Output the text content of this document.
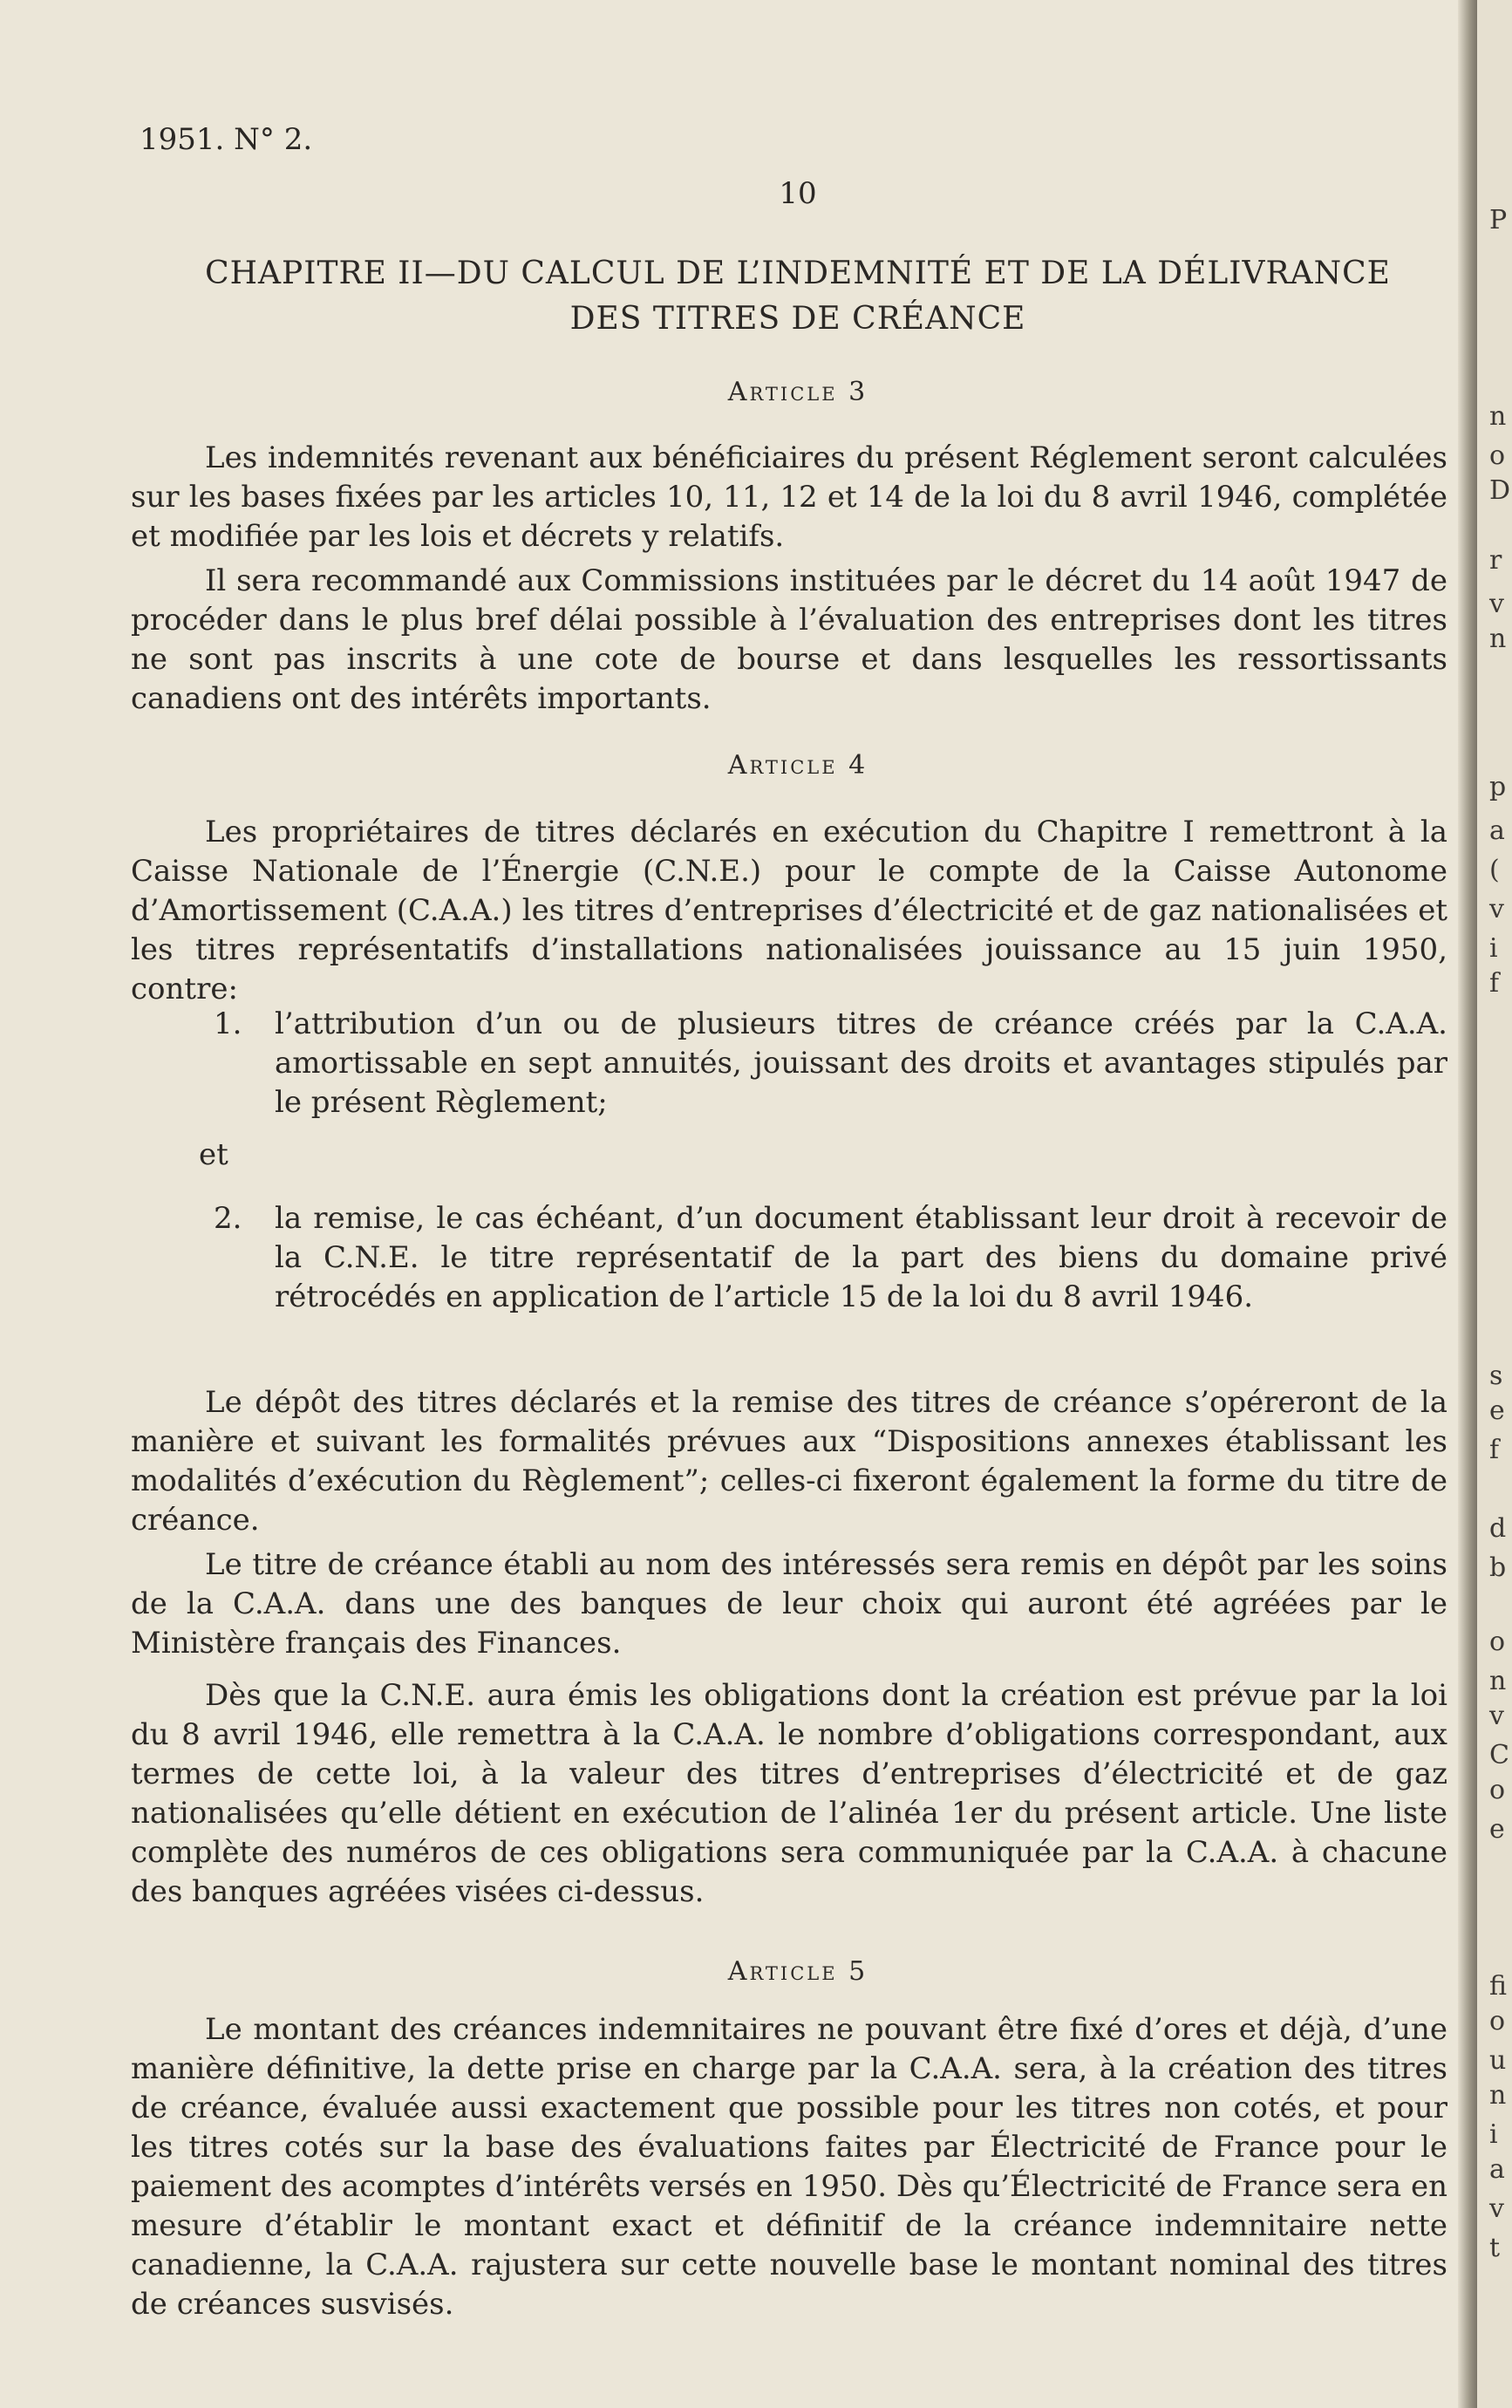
1951. N° 2.
10
CHAPITRE II—DU CALCUL DE L’INDEMNITÉ ET DE LA DÉLIVRANCE
DES TITRES DE CRÉANCE
Article 3
Les indemnités revenant aux bénéficiaires du présent Réglement seront calculées sur les bases fixées par les articles 10, 11, 12 et 14 de la loi du 8 avril 1946, complétée et modifiée par les lois et décrets y relatifs.
Il sera recommandé aux Commissions instituées par le décret du 14 août 1947 de procéder dans le plus bref délai possible à l’évaluation des entreprises dont les titres ne sont pas inscrits à une cote de bourse et dans lesquelles les ressortissants canadiens ont des intérêts importants.
Article 4
Les propriétaires de titres déclarés en exécution du Chapitre I remettront à la Caisse Nationale de l’Énergie (C.N.E.) pour le compte de la Caisse Autonome d’Amortissement (C.A.A.) les titres d’entreprises d’électricité et de gaz nationalisées et les titres représentatifs d’installations nationalisées jouissance au 15 juin 1950, contre:
1. l’attribution d’un ou de plusieurs titres de créance créés par la C.A.A. amortissable en sept annuités, jouissant des droits et avantages stipulés par le présent Règlement;
et
2. la remise, le cas échéant, d’un document établissant leur droit à recevoir de la C.N.E. le titre représentatif de la part des biens du domaine privé rétrocédés en application de l’article 15 de la loi du 8 avril 1946.
Le dépôt des titres déclarés et la remise des titres de créance s’opéreront de la manière et suivant les formalités prévues aux “Dispositions annexes établissant les modalités d’exécution du Règlement”; celles-ci fixeront également la forme du titre de créance.
Le titre de créance établi au nom des intéressés sera remis en dépôt par les soins de la C.A.A. dans une des banques de leur choix qui auront été agréées par le Ministère français des Finances.
Dès que la C.N.E. aura émis les obligations dont la création est prévue par la loi du 8 avril 1946, elle remettra à la C.A.A. le nombre d’obligations correspondant, aux termes de cette loi, à la valeur des titres d’entreprises d’électricité et de gaz nationalisées qu’elle détient en exécution de l’alinéa 1er du présent article. Une liste complète des numéros de ces obligations sera communiquée par la C.A.A. à chacune des banques agréées visées ci-dessus.
Article 5
Le montant des créances indemnitaires ne pouvant être fixé d’ores et déjà, d’une manière définitive, la dette prise en charge par la C.A.A. sera, à la création des titres de créance, évaluée aussi exactement que possible pour les titres non cotés, et pour les titres cotés sur la base des évaluations faites par Électricité de France pour le paiement des acomptes d’intérêts versés en 1950. Dès qu’Électricité de France sera en mesure d’établir le montant exact et définitif de la créance indemnitaire nette canadienne, la C.A.A. rajustera sur cette nouvelle base le montant nominal des titres de créances susvisés.
P
n
o
D
r
v
n
p
a
(
v
i
f
s
e
f
d
b
o
n
v
C
o
e
fi
o
u
n
i
a
v
t
